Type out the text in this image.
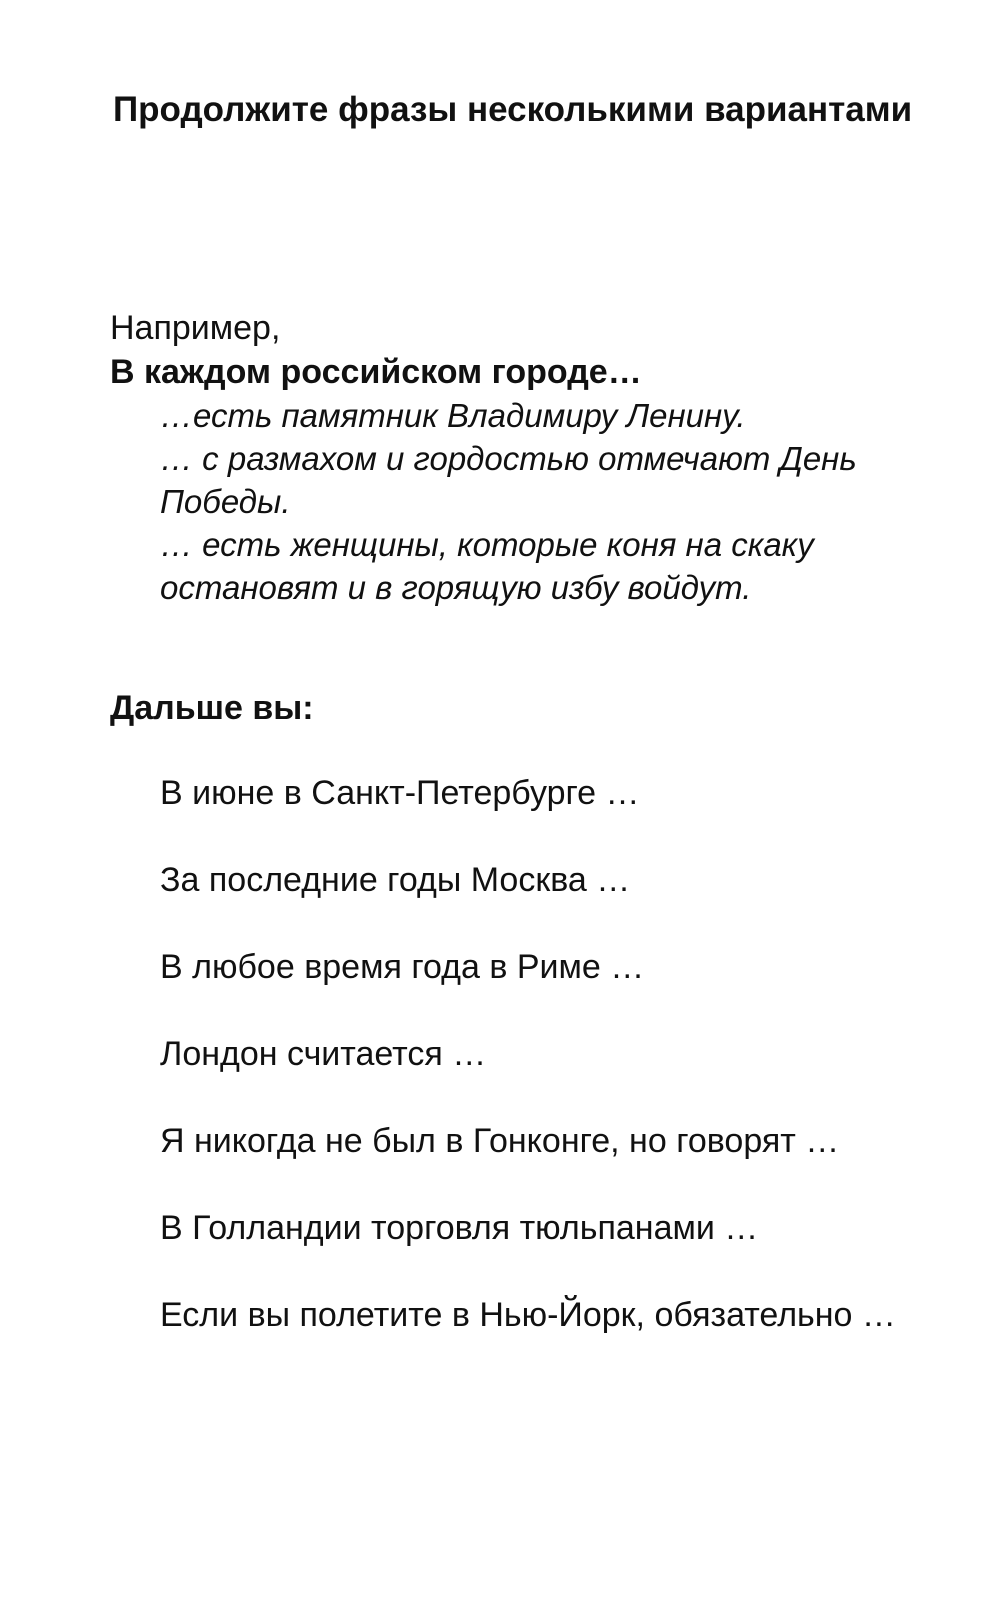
Продолжите фразы несколькими вариантами

Например,

В каждом российском городе…

…есть памятник Владимиру Ленину.
… с размахом и гордостью отмечают День Победы.
… есть женщины, которые коня на скаку остановят и в горящую избу войдут.

Дальше вы:

В июне в Санкт-Петербурге …
За последние годы Москва …
В любое время года в Риме …
Лондон считается …
Я никогда не был в Гонконге, но говорят …
В Голландии торговля тюльпанами …
Если вы полетите в Нью-Йорк, обязательно …
